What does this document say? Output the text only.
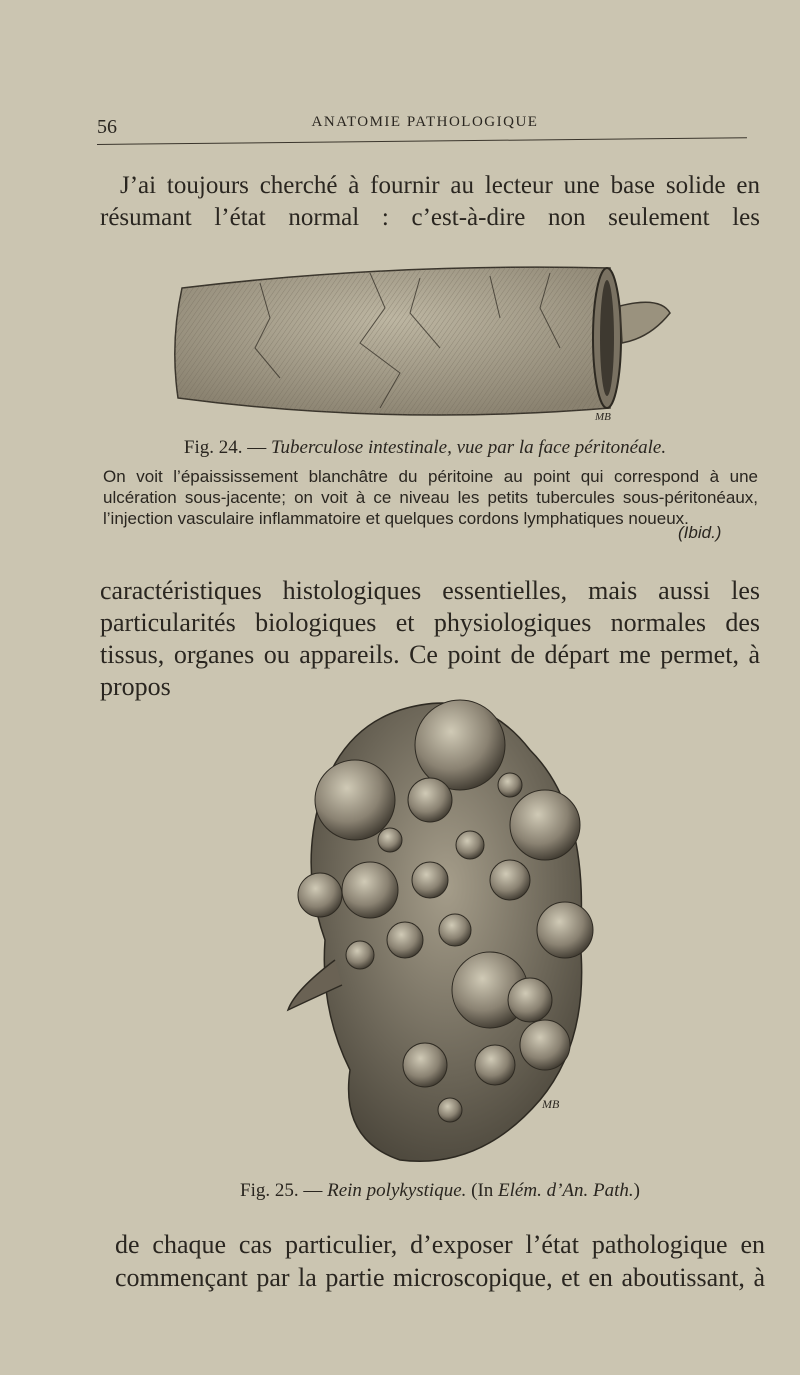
56	ANATOMIE PATHOLOGIQUE

J’ai toujours cherché à fournir au lecteur une base solide en résumant l’état normal : c’est-à-dire non seulement les

MB
Fig. 24. — Tuberculose intestinale, vue par la face péritonéale.

On voit l’épaississement blanchâtre du péritoine au point qui correspond à une ulcération sous-jacente; on voit à ce niveau les petits tubercules sous-péritonéaux, l’injection vasculaire inflammatoire et quelques cordons lymphatiques noueux.

(Ibid.)

caractéristiques histologiques essentielles, mais aussi les particularités biologiques et physiologiques normales des tissus, organes ou appareils. Ce point de départ me permet, à propos

MB
Fig. 25. — Rein polykystique. (In Elém. d’An. Path.)

de chaque cas particulier, d’exposer l’état pathologique en commençant par la partie microscopique, et en aboutissant, à
